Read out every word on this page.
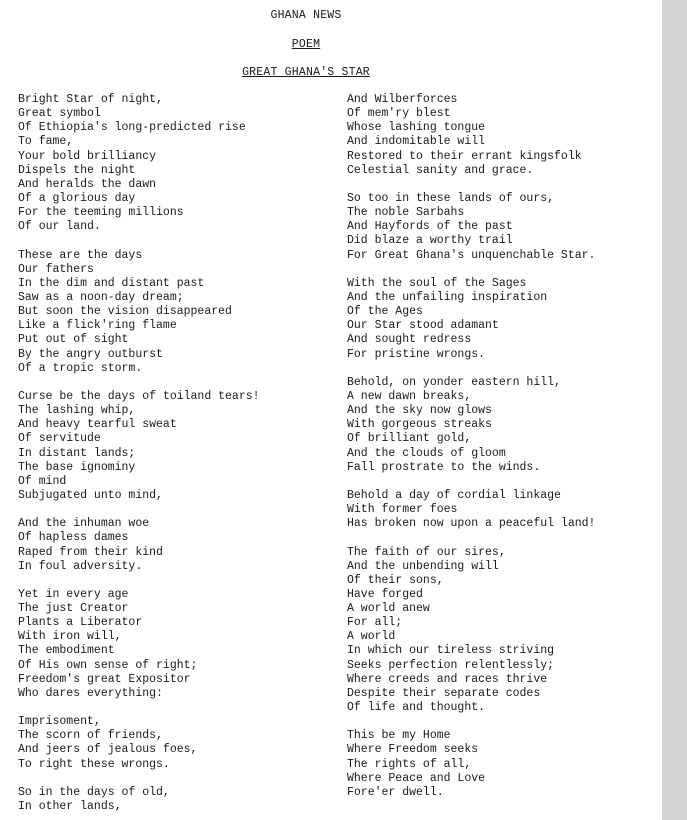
GHANA NEWS
POEM
GREAT GHANA'S STAR
Bright Star of night,
Great symbol
Of Ethiopia's long-predicted rise
To fame,
Your bold brilliancy
Dispels the night
And heralds the dawn
Of a glorious day
For the teeming millions
Of our land.
These are the days
Our fathers
In the dim and distant past
Saw as a noon-day dream;
But soon the vision disappeared
Like a flick'ring flame
Put out of sight
By the angry outburst
Of a tropic storm.
Curse be the days of toiland tears!
The lashing whip,
And heavy tearful sweat
Of servitude
In distant lands;
The base ignominy
Of mind
Subjugated unto mind,
And the inhuman woe
Of hapless dames
Raped from their kind
In foul adversity.
Yet in every age
The just Creator
Plants a Liberator
With iron will,
The embodiment
Of His own sense of right;
Freedom's great Expositor
Who dares everything:
Imprisoment,
The scorn of friends,
And jeers of jealous foes,
To right these wrongs.
So in the days of old,
In other lands,
And Wilberforces
Of mem'ry blest
Whose lashing tongue
And indomitable will
Restored to their errant kingsfolk
Celestial sanity and grace.
So too in these lands of ours,
The noble Sarbahs
And Hayfords of the past
Did blaze a worthy trail
For Great Ghana's unquenchable Star.
With the soul of the Sages
And the unfailing inspiration
Of the Ages
Our Star stood adamant
And sought redress
For pristine wrongs.
Behold, on yonder eastern hill,
A new dawn breaks,
And the sky now glows
With gorgeous streaks
Of brilliant gold,
And the clouds of gloom
Fall prostrate to the winds.
Behold a day of cordial linkage
With former foes
Has broken now upon a peaceful land!
The faith of our sires,
And the unbending will
Of their sons,
Have forged
A world anew
For all;
A world
In which our tireless striving
Seeks perfection relentlessly;
Where creeds and races thrive
Despite their separate codes
Of life and thought.
This be my Home
Where Freedom seeks
The rights of all,
Where Peace and Love
Fore'er dwell.
